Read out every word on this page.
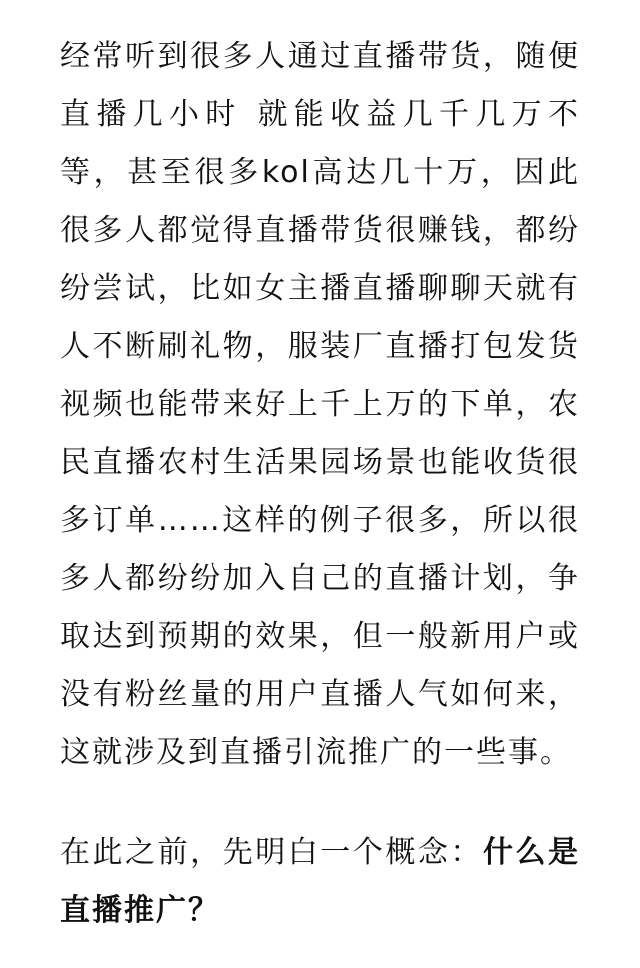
经常听到很多人通过直播带货，随便直播几小时 就能收益几千几万不等，甚至很多kol高达几十万，因此很多人都觉得直播带货很赚钱，都纷纷尝试，比如女主播直播聊聊天就有人不断刷礼物，服装厂直播打包发货视频也能带来好上千上万的下单，农民直播农村生活果园场景也能收货很多订单……这样的例子很多，所以很多人都纷纷加入自己的直播计划，争取达到预期的效果，但一般新用户或没有粉丝量的用户直播人气如何来，这就涉及到直播引流推广的一些事。

在此之前，先明白一个概念：什么是直播推广？
